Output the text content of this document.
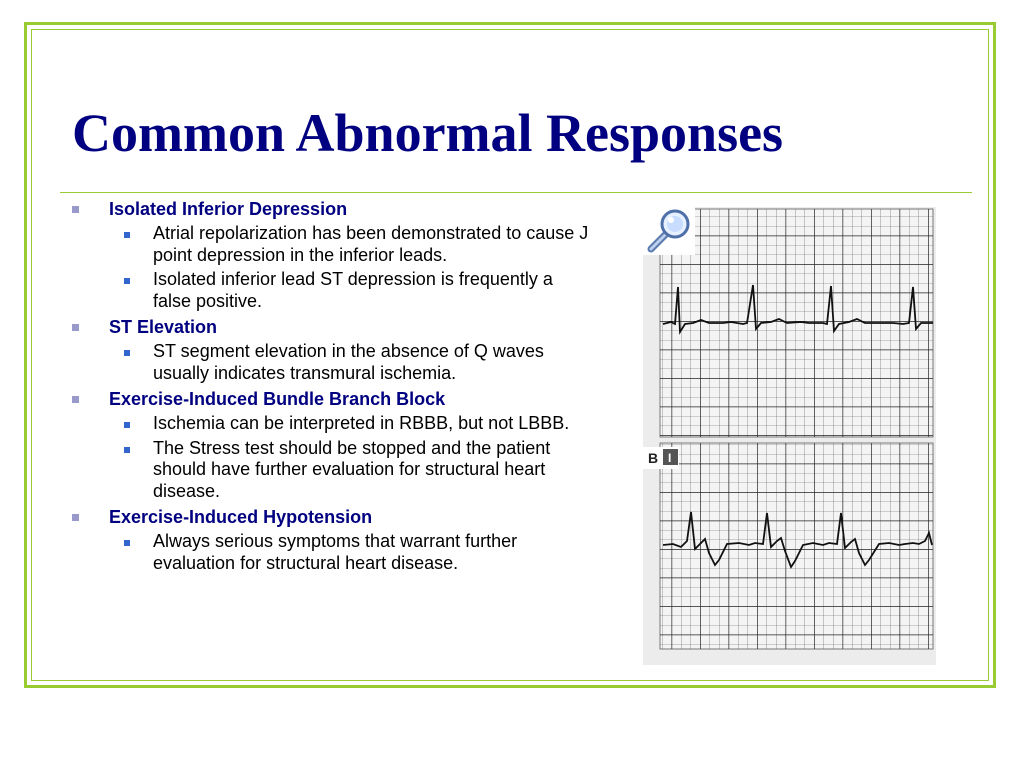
Common Abnormal Responses
Isolated Inferior Depression
Atrial repolarization has been demonstrated to cause J point depression in the inferior leads.
Isolated inferior lead ST depression is frequently a false positive.
ST Elevation
ST segment elevation in the absence of Q waves usually indicates transmural ischemia.
Exercise-Induced Bundle Branch Block
Ischemia can be interpreted in RBBB, but not LBBB.
The Stress test should be stopped and the patient should have further evaluation for structural heart disease.
Exercise-Induced Hypotension
Always serious symptoms that warrant further evaluation for structural heart disease.
B I
